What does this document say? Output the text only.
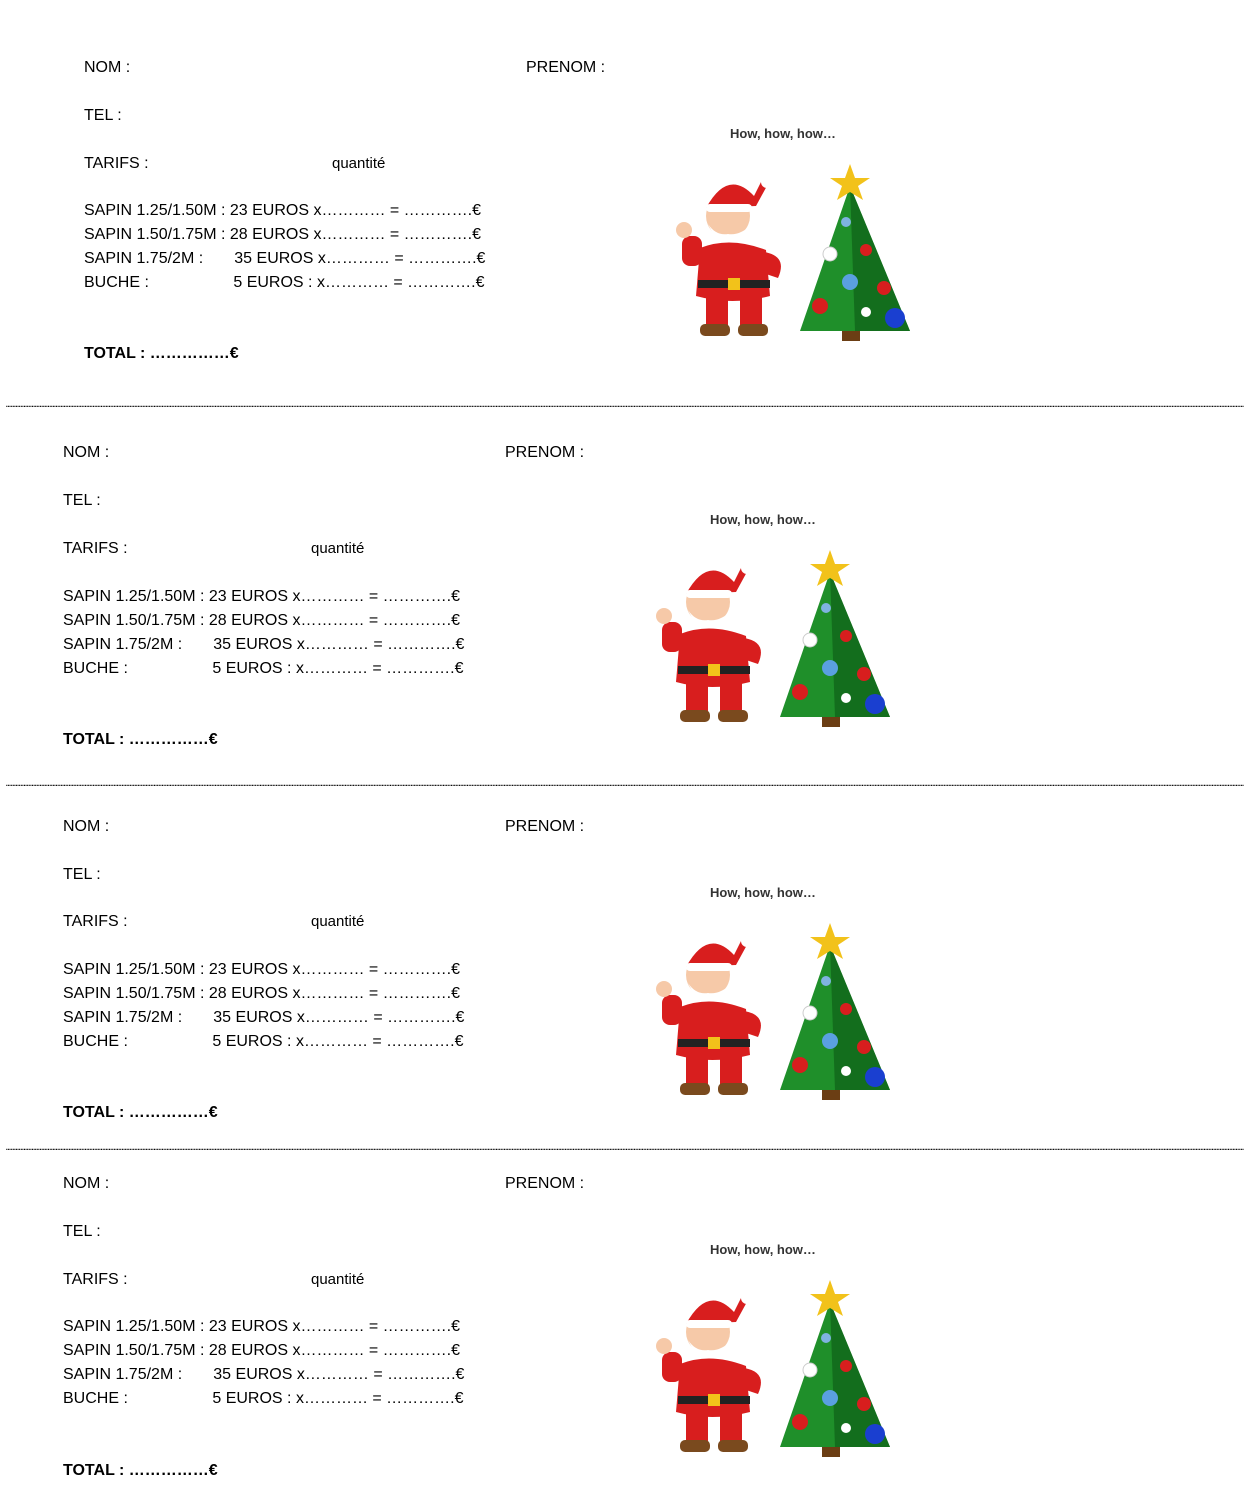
NOM :	PRENOM :
TEL :
TARIFS :	quantité
SAPIN 1.25/1.50M : 23 EUROS x………… = ………….€
SAPIN 1.50/1.75M : 28 EUROS x………… = ………….€
SAPIN 1.75/2M :       35 EUROS x………… = ………….€
BUCHE :                   5 EUROS : x………… = ………….€
TOTAL : ……………€
How, how, how…
……………………………………………………………………………………………………………………………………………………………………………………………………………………………………………………………………………………………………………………………………………………………………………………………………………………………………………………………………………………………………………………………………………………………………………………………………………………………………………………………………………………………………………
NOM :	PRENOM :
TEL :
TARIFS :	quantité
SAPIN 1.25/1.50M : 23 EUROS x………… = ………….€
SAPIN 1.50/1.75M : 28 EUROS x………… = ………….€
SAPIN 1.75/2M :       35 EUROS x………… = ………….€
BUCHE :                   5 EUROS : x………… = ………….€
TOTAL : ……………€
How, how, how…
……………………………………………………………………………………………………………………………………………………………………………………………………………………………………………………………………………………………………………………………………………………………………………………………………………………………………………………………………………………………………………………………………………………………………………………………………………………………………………………………………………………………………………
NOM :	PRENOM :
TEL :
TARIFS :	quantité
SAPIN 1.25/1.50M : 23 EUROS x………… = ………….€
SAPIN 1.50/1.75M : 28 EUROS x………… = ………….€
SAPIN 1.75/2M :       35 EUROS x………… = ………….€
BUCHE :                   5 EUROS : x………… = ………….€
TOTAL : ……………€
How, how, how…
……………………………………………………………………………………………………………………………………………………………………………………………………………………………………………………………………………………………………………………………………………………………………………………………………………………………………………………………………………………………………………………………………………………………………………………………………………………………………………………………………………………………………………
NOM :	PRENOM :
TEL :
TARIFS :	quantité
SAPIN 1.25/1.50M : 23 EUROS x………… = ………….€
SAPIN 1.50/1.75M : 28 EUROS x………… = ………….€
SAPIN 1.75/2M :       35 EUROS x………… = ………….€
BUCHE :                   5 EUROS : x………… = ………….€
TOTAL : ……………€
How, how, how…
